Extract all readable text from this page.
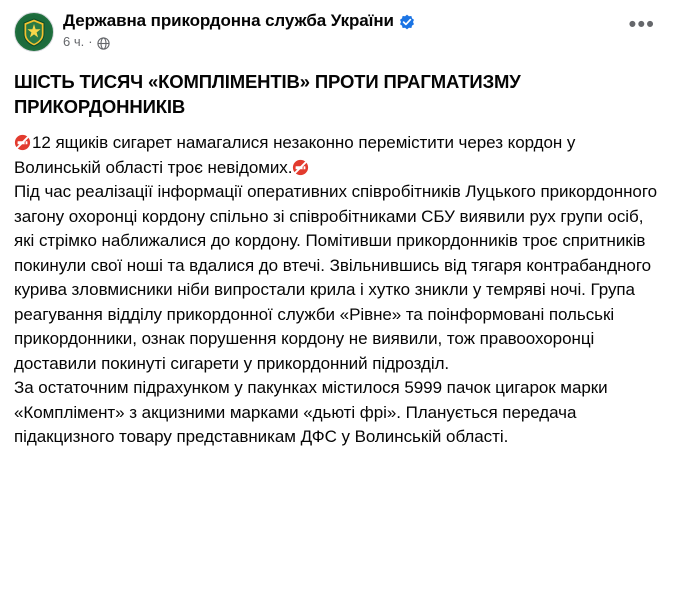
Державна прикордонна служба України
6 ч. ·
•••
ШІСТЬ ТИСЯЧ «КОМПЛІМЕНТІВ» ПРОТИ ПРАГМАТИЗМУ ПРИКОРДОННИКІВ

12 ящиків сигарет намагалися незаконно перемістити через кордон у Волинській області троє невідомих.

Під час реалізації інформації оперативних співробітників Луцького прикордонного загону охоронці кордону спільно зі співробітниками СБУ виявили рух групи осіб, які стрімко наближалися до кордону. Помітивши прикордонників троє спритників покинули свої ноші та вдалися до втечі. Звільнившись від тягаря контрабандного курива зловмисники ніби випростали крила і хутко зникли у темряві ночі. Група реагування відділу прикордонної служби «Рівне» та поінформовані польські прикордонники, ознак порушення кордону не виявили, тож правоохоронці доставили покинуті сигарети у прикордонний підрозділ.

За остаточним підрахунком у пакунках містилося 5999 пачок цигарок марки «Комплімент» з акцизними марками «дьюті фрі». Планується передача підакцизного товару представникам ДФС у Волинській області.
